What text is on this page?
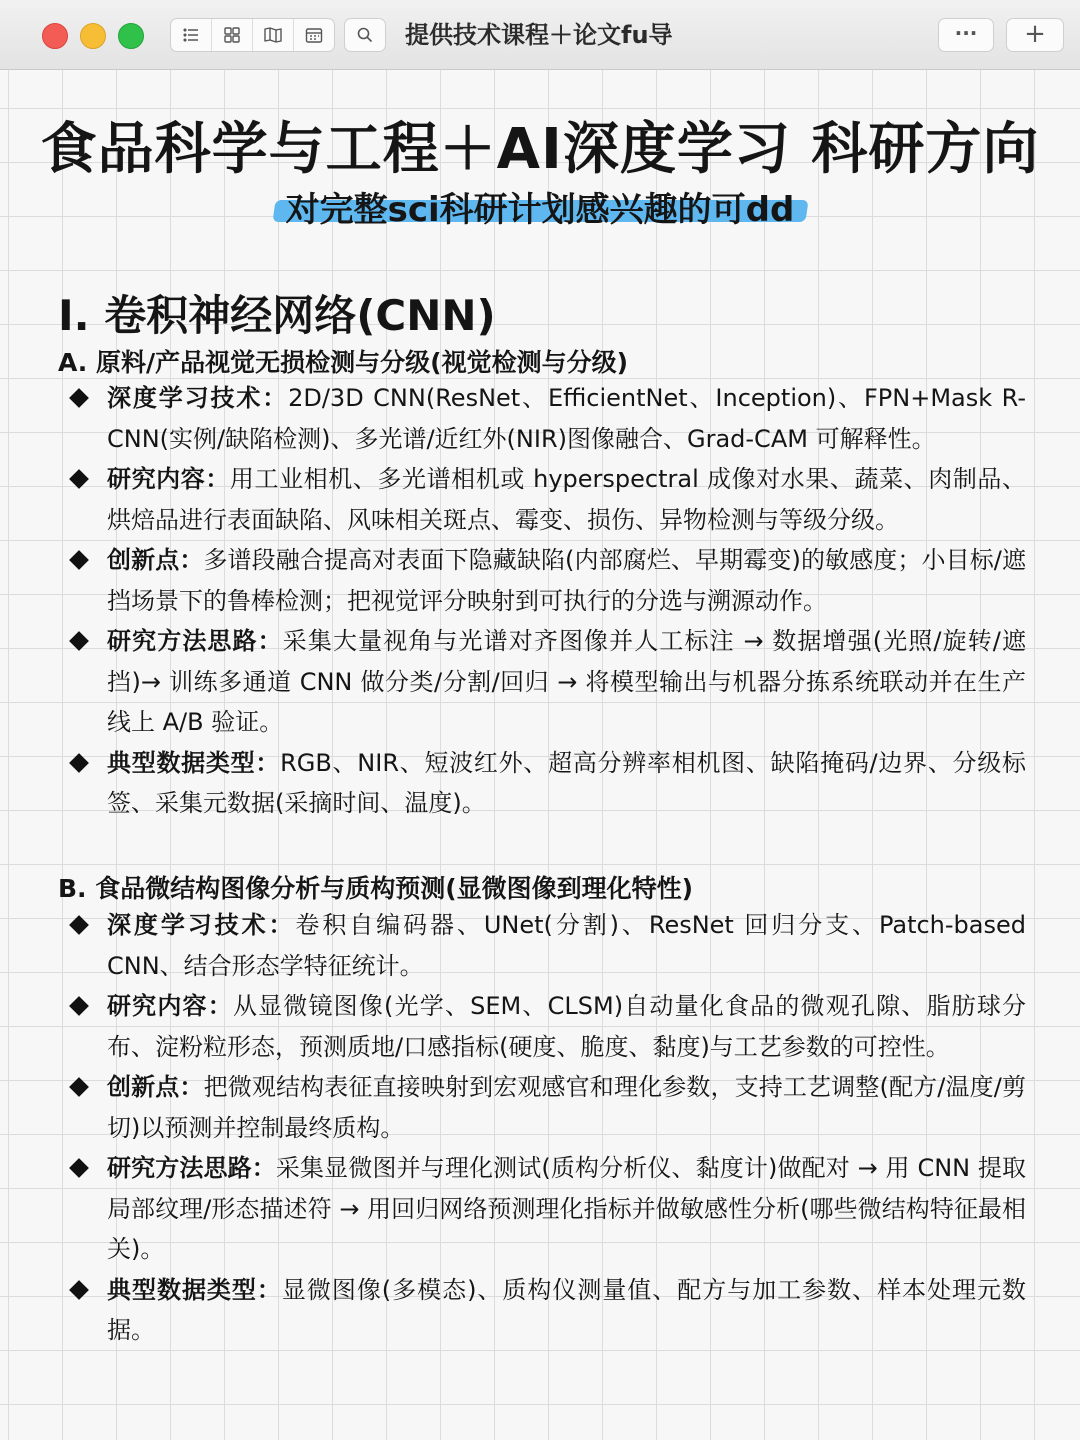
提供技术课程＋论文fu导	···	+
食品科学与工程＋AI深度学习 科研方向
对完整sci科研计划感兴趣的可dd
I. 卷积神经网络(CNN)
A. 原料/产品视觉无损检测与分级(视觉检测与分级)
深度学习技术：2D/3D CNN(ResNet、EfficientNet、Inception)、FPN+Mask R-CNN(实例/缺陷检测)、多光谱/近红外(NIR)图像融合、Grad-CAM 可解释性。
研究内容：用工业相机、多光谱相机或 hyperspectral 成像对水果、蔬菜、肉制品、烘焙品进行表面缺陷、风味相关斑点、霉变、损伤、异物检测与等级分级。
创新点：多谱段融合提高对表面下隐藏缺陷(内部腐烂、早期霉变)的敏感度；小目标/遮挡场景下的鲁棒检测；把视觉评分映射到可执行的分选与溯源动作。
研究方法思路：采集大量视角与光谱对齐图像并人工标注 → 数据增强(光照/旋转/遮挡)→ 训练多通道 CNN 做分类/分割/回归 → 将模型输出与机器分拣系统联动并在生产线上 A/B 验证。
典型数据类型：RGB、NIR、短波红外、超高分辨率相机图、缺陷掩码/边界、分级标签、采集元数据(采摘时间、温度)。
B. 食品微结构图像分析与质构预测(显微图像到理化特性)
深度学习技术：卷积自编码器、UNet(分割)、ResNet 回归分支、Patch-based CNN、结合形态学特征统计。
研究内容：从显微镜图像(光学、SEM、CLSM)自动量化食品的微观孔隙、脂肪球分布、淀粉粒形态，预测质地/口感指标(硬度、脆度、黏度)与工艺参数的可控性。
创新点：把微观结构表征直接映射到宏观感官和理化参数，支持工艺调整(配方/温度/剪切)以预测并控制最终质构。
研究方法思路：采集显微图并与理化测试(质构分析仪、黏度计)做配对 → 用 CNN 提取局部纹理/形态描述符 → 用回归网络预测理化指标并做敏感性分析(哪些微结构特征最相关)。
典型数据类型：显微图像(多模态)、质构仪测量值、配方与加工参数、样本处理元数据。
